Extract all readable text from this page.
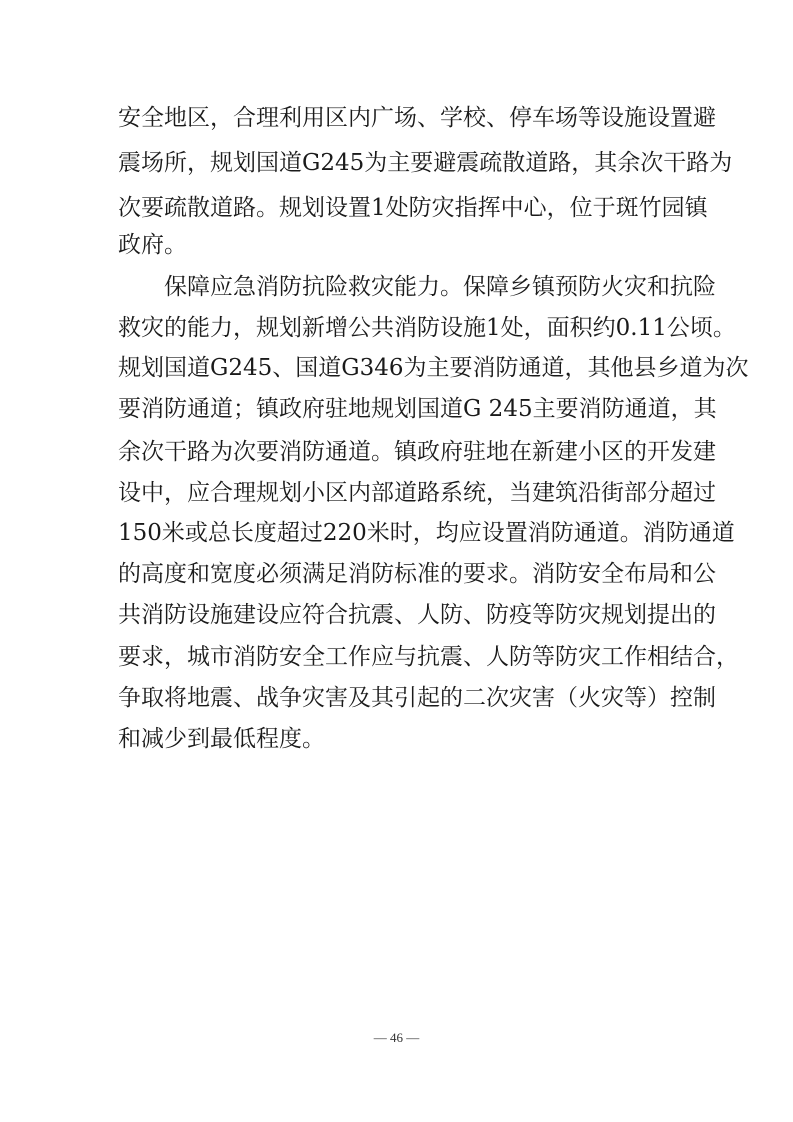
安全地区，合理利用区内广场、学校、停车场等设施设置避
震场所，规划国道G245为主要避震疏散道路，其余次干路为
次要疏散道路。规划设置1处防灾指挥中心，位于斑竹园镇
政府。
保障应急消防抗险救灾能力。保障乡镇预防火灾和抗险
救灾的能力，规划新增公共消防设施1处，面积约0.11公顷。
规划国道G245、国道G346为主要消防通道，其他县乡道为次
要消防通道；镇政府驻地规划国道G 245主要消防通道，其
余次干路为次要消防通道。镇政府驻地在新建小区的开发建
设中，应合理规划小区内部道路系统，当建筑沿街部分超过
150米或总长度超过220米时，均应设置消防通道。消防通道
的高度和宽度必须满足消防标准的要求。消防安全布局和公
共消防设施建设应符合抗震、人防、防疫等防灾规划提出的
要求，城市消防安全工作应与抗震、人防等防灾工作相结合，
争取将地震、战争灾害及其引起的二次灾害（火灾等）控制
和减少到最低程度。
— 46 —
